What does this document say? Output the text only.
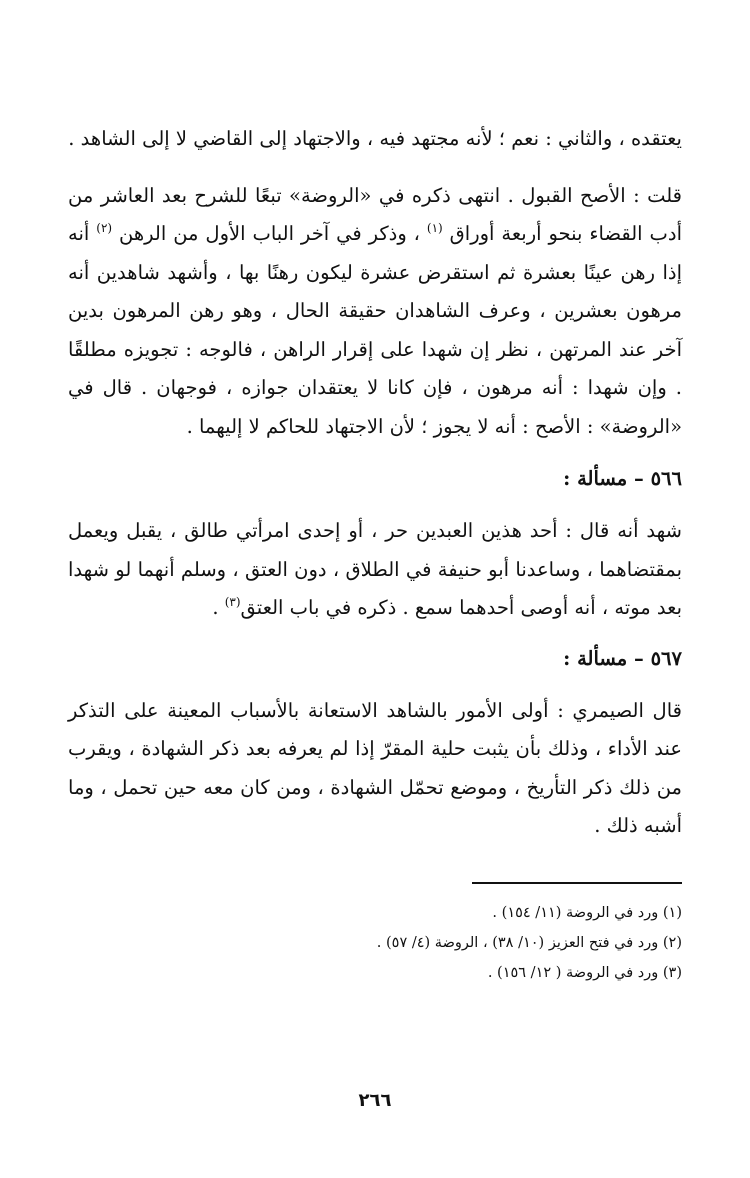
يعتقده ، والثاني : نعم ؛ لأنه مجتهد فيه ، والاجتهاد إلى القاضي لا إلى الشاهد .

قلت : الأصح القبول . انتهى ذكره في «الروضة» تبعًا للشرح بعد العاشر من أدب القضاء بنحو أربعة أوراق $^{(١)}$ ، وذكر في آخر الباب الأول من الرهن $^{(٢)}$ أنه إذا رهن عينًا بعشرة ثم استقرض عشرة ليكون رهنًا بها ، وأشهد شاهدين أنه مرهون بعشرين ، وعرف الشاهدان حقيقة الحال ، وهو رهن المرهون بدين آخر عند المرتهن ، نظر إن شهدا على إقرار الراهن ، فالوجه : تجويزه مطلقًا . وإن شهدا : أنه مرهون ، فإن كانا لا يعتقدان جوازه ، فوجهان . قال في «الروضة» : الأصح : أنه لا يجوز ؛ لأن الاجتهاد للحاكم لا إليهما .

٥٦٦ – مسألة :

شهد أنه قال : أحد هذين العبدين حر ، أو إحدى امرأتي طالق ، يقبل ويعمل بمقتضاهما ، وساعدنا أبو حنيفة في الطلاق ، دون العتق ، وسلم أنهما لو شهدا بعد موته ، أنه أوصى أحدهما سمع . ذكره في باب العتق$^{(٣)}$ .

٥٦٧ – مسألة :

قال الصيمري : أولى الأمور بالشاهد الاستعانة بالأسباب المعينة على التذكر عند الأداء ، وذلك بأن يثبت حلية المقرّ إذا لم يعرفه بعد ذكر الشهادة ، ويقرب من ذلك ذكر التأريخ ، وموضع تحمّل الشهادة ، ومن كان معه حين تحمل ، وما أشبه ذلك .

(١) ورد في الروضة (١١/ ١٥٤) .

(٢) ورد في فتح العزيز (١٠/ ٣٨) ، الروضة (٤/ ٥٧) .

(٣) ورد في الروضة ( ١٢/ ١٥٦) .

٢٦٦
